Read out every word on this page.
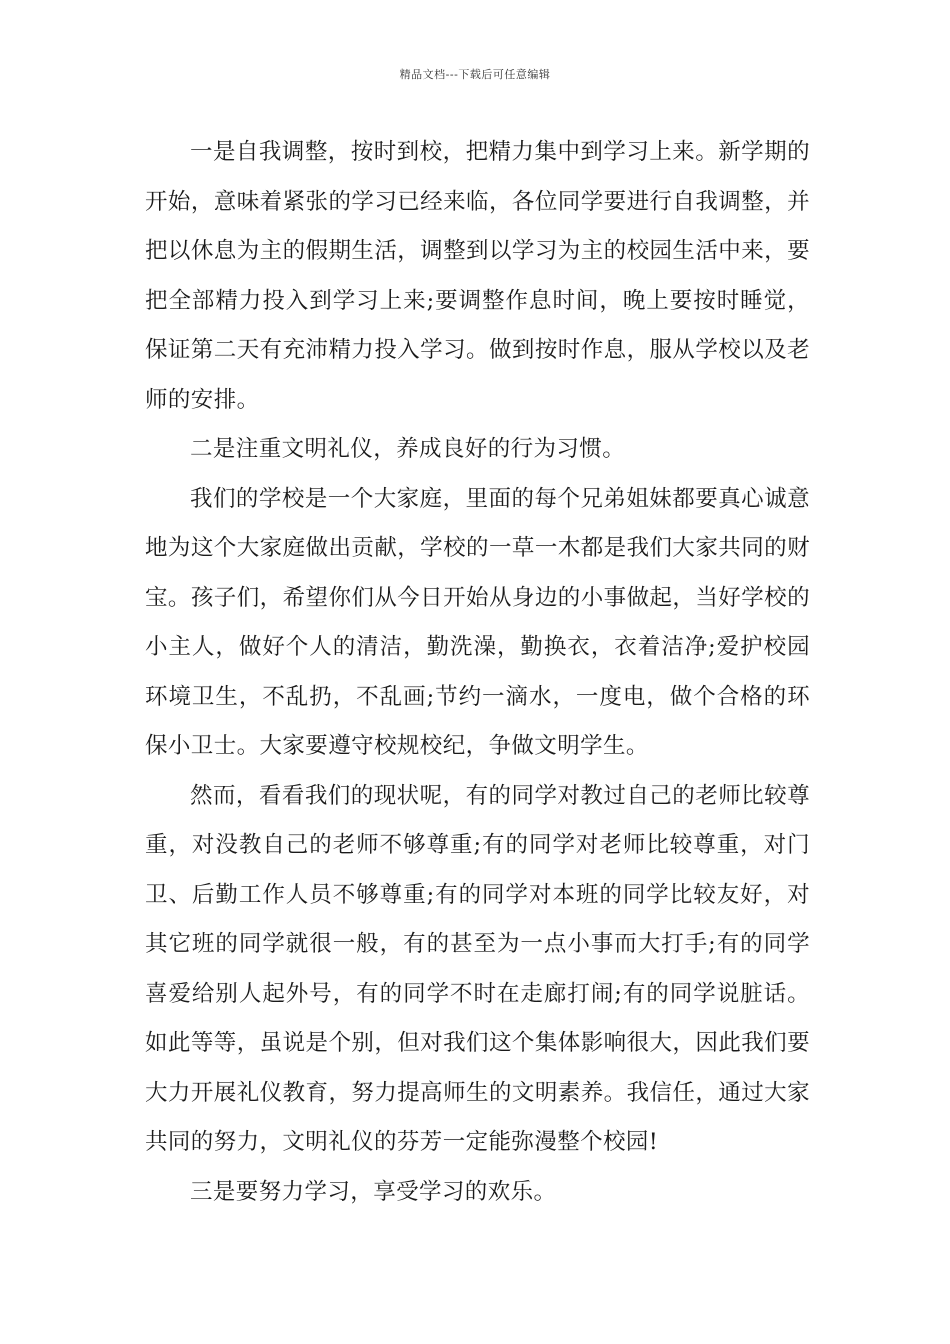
精品文档---下载后可任意编辑

一是自我调整，按时到校，把精力集中到学习上来。新学期的开始，意味着紧张的学习已经来临，各位同学要进行自我调整，并把以休息为主的假期生活，调整到以学习为主的校园生活中来，要把全部精力投入到学习上来;要调整作息时间，晚上要按时睡觉，保证第二天有充沛精力投入学习。做到按时作息，服从学校以及老师的安排。

二是注重文明礼仪，养成良好的行为习惯。

我们的学校是一个大家庭，里面的每个兄弟姐妹都要真心诚意地为这个大家庭做出贡献，学校的一草一木都是我们大家共同的财宝。孩子们，希望你们从今日开始从身边的小事做起，当好学校的小主人，做好个人的清洁，勤洗澡，勤换衣，衣着洁净;爱护校园环境卫生，不乱扔，不乱画;节约一滴水，一度电，做个合格的环保小卫士。大家要遵守校规校纪，争做文明学生。

然而，看看我们的现状呢，有的同学对教过自己的老师比较尊重，对没教自己的老师不够尊重;有的同学对老师比较尊重，对门卫、后勤工作人员不够尊重;有的同学对本班的同学比较友好，对其它班的同学就很一般，有的甚至为一点小事而大打手;有的同学喜爱给别人起外号，有的同学不时在走廊打闹;有的同学说脏话。如此等等，虽说是个别，但对我们这个集体影响很大，因此我们要大力开展礼仪教育，努力提高师生的文明素养。我信任，通过大家共同的努力，文明礼仪的芬芳一定能弥漫整个校园!

三是要努力学习，享受学习的欢乐。
